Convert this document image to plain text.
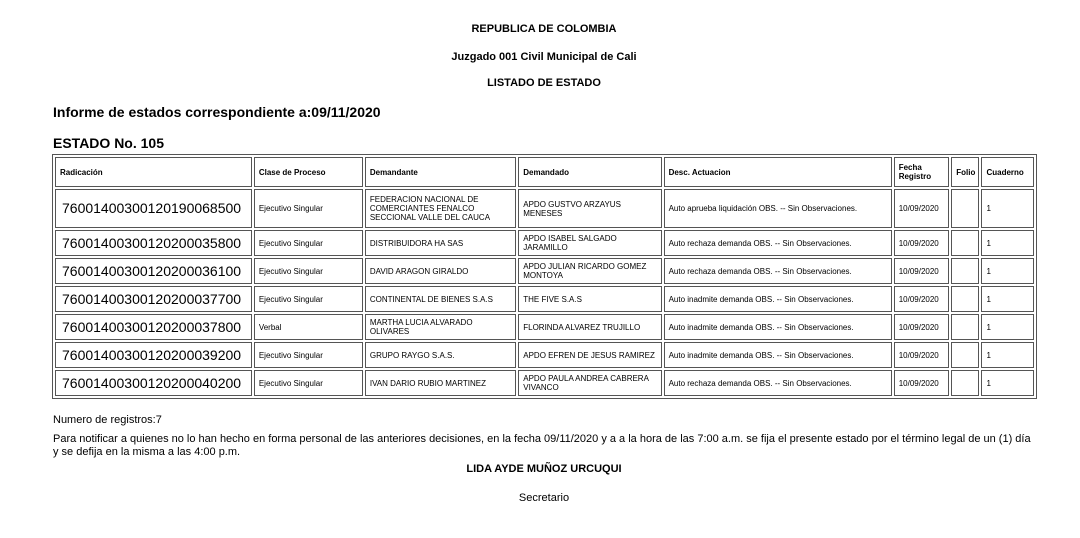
REPUBLICA DE COLOMBIA
Juzgado 001 Civil Municipal de Cali
LISTADO DE ESTADO
Informe de estados correspondiente a:09/11/2020
ESTADO No. 105
Radicación	Clase de Proceso	Demandante	Demandado	Desc. Actuacion	Fecha Registro	Folio	Cuaderno
76001400300120190068500	Ejecutivo Singular	FEDERACION NACIONAL DE COMERCIANTES FENALCO SECCIONAL VALLE DEL CAUCA	APDO GUSTVO ARZAYUS MENESES	Auto aprueba liquidación OBS. -- Sin Observaciones.	10/09/2020		1
76001400300120200035800	Ejecutivo Singular	DISTRIBUIDORA HA SAS	APDO ISABEL SALGADO JARAMILLO	Auto rechaza demanda OBS. -- Sin Observaciones.	10/09/2020		1
76001400300120200036100	Ejecutivo Singular	DAVID ARAGON GIRALDO	APDO JULIAN RICARDO GOMEZ MONTOYA	Auto rechaza demanda OBS. -- Sin Observaciones.	10/09/2020		1
76001400300120200037700	Ejecutivo Singular	CONTINENTAL DE BIENES S.A.S	THE FIVE S.A.S	Auto inadmite demanda OBS. -- Sin Observaciones.	10/09/2020		1
76001400300120200037800	Verbal	MARTHA LUCIA ALVARADO OLIVARES	FLORINDA ALVAREZ TRUJILLO	Auto inadmite demanda OBS. -- Sin Observaciones.	10/09/2020		1
76001400300120200039200	Ejecutivo Singular	GRUPO RAYGO S.A.S.	APDO EFREN DE JESUS RAMIREZ	Auto inadmite demanda OBS. -- Sin Observaciones.	10/09/2020		1
76001400300120200040200	Ejecutivo Singular	IVAN DARIO RUBIO MARTINEZ	APDO PAULA ANDREA CABRERA VIVANCO	Auto rechaza demanda OBS. -- Sin Observaciones.	10/09/2020		1
Numero de registros:7
Para notificar a quienes no lo han hecho en forma personal de las anteriores decisiones, en la fecha 09/11/2020 y a a la hora de las 7:00 a.m. se fija el presente estado por el término legal de un (1) día y se defija en la misma a las 4:00 p.m.
LIDA AYDE MUÑOZ URCUQUI
Secretario
